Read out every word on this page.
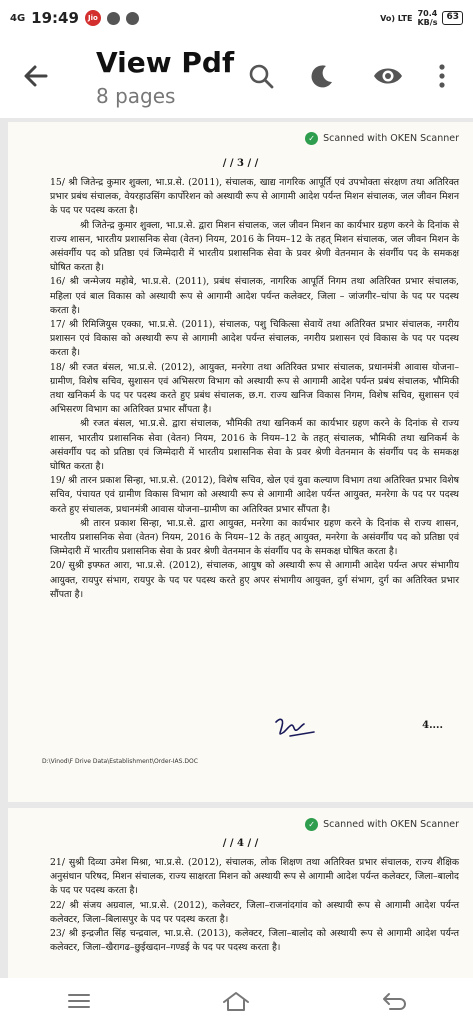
4G 19:49	Jio	Vo) LTE 70.4
KB/s
63
View Pdf
8 pages
✓ Scanned with OKEN Scanner
/ / 3 / /

15/ श्री जितेन्द्र कुमार शुक्ला, भा.प्र.से. (2011), संचालक, खाद्य नागरिक आपूर्ति एवं उपभोक्ता संरक्षण तथा अतिरिक्त प्रभार प्रबंध संचालक, वेयरहाउसिंग कार्पोरेशन को अस्थायी रूप से आगामी आदेश पर्यन्त मिशन संचालक, जल जीवन मिशन के पद पर पदस्थ करता है।

श्री जितेन्द्र कुमार शुक्ला, भा.प्र.से. द्वारा मिशन संचालक, जल जीवन मिशन का कार्यभार ग्रहण करने के दिनांक से राज्य शासन, भारतीय प्रशासनिक सेवा (वेतन) नियम, 2016 के नियम–12 के तहत् मिशन संचालक, जल जीवन मिशन के असंवर्गीय पद को प्रतिष्ठा एवं जिम्मेदारी में भारतीय प्रशासनिक सेवा के प्रवर श्रेणी वेतनमान के संवर्गीय पद के समकक्ष घोषित करता है।

16/ श्री जन्मेजय महोबे, भा.प्र.से. (2011), प्रबंध संचालक, नागरिक आपूर्ति निगम तथा अतिरिक्त प्रभार संचालक, महिला एवं बाल विकास को अस्थायी रूप से आगामी आदेश पर्यन्त कलेक्टर, जिला – जांजगीर–चांपा के पद पर पदस्थ करता है।

17/ श्री रिमिजियुस एक्का, भा.प्र.से. (2011), संचालक, पशु चिकित्सा सेवायें तथा अतिरिक्त प्रभार संचालक, नगरीय प्रशासन एवं विकास को अस्थायी रूप से आगामी आदेश पर्यन्त संचालक, नगरीय प्रशासन एवं विकास के पद पर पदस्थ करता है।

18/ श्री रजत बंसल, भा.प्र.से. (2012), आयुक्त, मनरेगा तथा अतिरिक्त प्रभार संचालक, प्रधानमंत्री आवास योजना–ग्रामीण, विशेष सचिव, सुशासन एवं अभिसरण विभाग को अस्थायी रूप से आगामी आदेश पर्यन्त प्रबंध संचालक, भौमिकी तथा खनिकर्म के पद पर पदस्थ करते हुए प्रबंध संचालक, छ.ग. राज्य खनिज विकास निगम, विशेष सचिव, सुशासन एवं अभिसरण विभाग का अतिरिक्त प्रभार सौंपता है।

श्री रजत बंसल, भा.प्र.से. द्वारा संचालक, भौमिकी तथा खनिकर्म का कार्यभार ग्रहण करने के दिनांक से राज्य शासन, भारतीय प्रशासनिक सेवा (वेतन) नियम, 2016 के नियम–12 के तहत् संचालक, भौमिकी तथा खनिकर्म के असंवर्गीय पद को प्रतिष्ठा एवं जिम्मेदारी में भारतीय प्रशासनिक सेवा के प्रवर श्रेणी वेतनमान के संवर्गीय पद के समकक्ष घोषित करता है।

19/ श्री तारन प्रकाश सिन्हा, भा.प्र.से. (2012), विशेष सचिव, खेल एवं युवा कल्याण विभाग तथा अतिरिक्त प्रभार विशेष सचिव, पंचायत एवं ग्रामीण विकास विभाग को अस्थायी रूप से आगामी आदेश पर्यन्त आयुक्त, मनरेगा के पद पर पदस्थ करते हुए संचालक, प्रधानमंत्री आवास योजना–ग्रामीण का अतिरिक्त प्रभार सौंपता है।

श्री तारन प्रकाश सिन्हा, भा.प्र.से. द्वारा आयुक्त, मनरेगा का कार्यभार ग्रहण करने के दिनांक से राज्य शासन, भारतीय प्रशासनिक सेवा (वेतन) नियम, 2016 के नियम–12 के तहत् आयुक्त, मनरेगा के असंवर्गीय पद को प्रतिष्ठा एवं जिम्मेदारी में भारतीय प्रशासनिक सेवा के प्रवर श्रेणी वेतनमान के संवर्गीय पद के समकक्ष घोषित करता है।

20/ सुश्री इफ्फत आरा, भा.प्र.से. (2012), संचालक, आयुष को अस्थायी रूप से आगामी आदेश पर्यन्त अपर संभागीय आयुक्त, रायपुर संभाग, रायपुर के पद पर पदस्थ करते हुए अपर संभागीय आयुक्त, दुर्ग संभाग, दुर्ग का अतिरिक्त प्रभार सौंपता है।

4....
D:\Vinod\F Drive Data\Establishment\Order-IAS.DOC
✓ Scanned with OKEN Scanner
/ / 4 / /

21/ सुश्री दिव्या उमेश मिश्रा, भा.प्र.से. (2012), संचालक, लोक शिक्षण तथा अतिरिक्त प्रभार संचालक, राज्य शैक्षिक अनुसंधान परिषद, मिशन संचालक, राज्य साक्षरता मिशन को अस्थायी रूप से आगामी आदेश पर्यन्त कलेक्टर, जिला–बालोद के पद पर पदस्थ करता है।

22/ श्री संजय अग्रवाल, भा.प्र.से. (2012), कलेक्टर, जिला–राजनांदगांव को अस्थायी रूप से आगामी आदेश पर्यन्त कलेक्टर, जिला–बिलासपुर के पद पर पदस्थ करता है।

23/ श्री इन्द्रजीत सिंह चन्द्रवाल, भा.प्र.से. (2013), कलेक्टर, जिला–बालोद को अस्थायी रूप से आगामी आदेश पर्यन्त कलेक्टर, जिला–खैरागढ–छुईखदान–गण्डई के पद पर पदस्थ करता है।
